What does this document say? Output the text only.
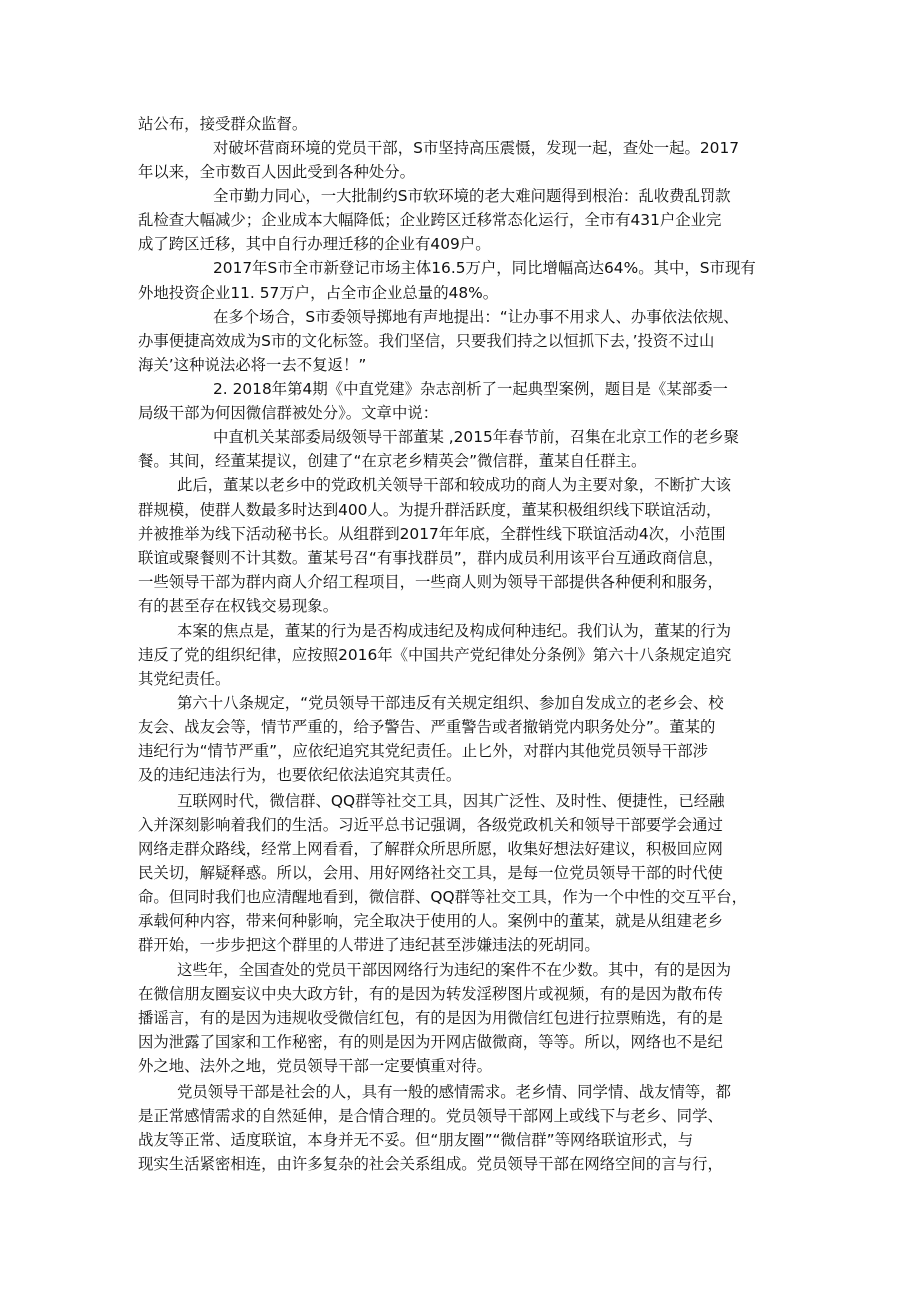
站公布，接受群众监督。
对破坏营商环境的党员干部，S市坚持高压震慑，发现一起，查处一起。2017
年以来，全市数百人因此受到各种处分。
全市勤力同心，一大批制约S市软环境的老大难问题得到根治：乱收费乱罚款
乱检查大幅减少；企业成本大幅降低；企业跨区迁移常态化运行，全市有431户企业完
成了跨区迁移，其中自行办理迁移的企业有409户。
2017年S市全市新登记市场主体16.5万户，同比增幅高达64%。其中，S市现有
外地投资企业11. 57万户，占全市企业总量的48%。
在多个场合，S市委领导掷地有声地提出：“让办事不用求人、办事依法依规、
办事便捷高效成为S市的文化标签。我们坚信，只要我们持之以恒抓下去，’投资不过山
海关’这种说法必将一去不复返！”
2. 2018年第4期《中直党建》杂志剖析了一起典型案例，题目是《某部委一
局级干部为何因微信群被处分》。文章中说：
中直机关某部委局级领导干部董某 ,2015年春节前，召集在北京工作的老乡聚
餐。其间，经董某提议，创建了“在京老乡精英会”微信群，董某自任群主。
此后，董某以老乡中的党政机关领导干部和较成功的商人为主要对象，不断扩大该
群规模，使群人数最多时达到400人。为提升群活跃度，董某积极组织线下联谊活动，
并被推举为线下活动秘书长。从组群到2017年年底，全群性线下联谊活动4次，小范围
联谊或聚餐则不计其数。董某号召“有事找群员”，群内成员利用该平台互通政商信息，
一些领导干部为群内商人介绍工程项目，一些商人则为领导干部提供各种便利和服务，
有的甚至存在权钱交易现象。
本案的焦点是，董某的行为是否构成违纪及构成何种违纪。我们认为，董某的行为
违反了党的组织纪律，应按照2016年《中国共产党纪律处分条例》第六十八条规定追究
其党纪责任。
第六十八条规定，“党员领导干部违反有关规定组织、参加自发成立的老乡会、校
友会、战友会等，情节严重的，给予警告、严重警告或者撤销党内职务处分”。董某的
违纪行为“情节严重”，应依纪追究其党纪责任。止匕外，对群内其他党员领导干部涉
及的违纪违法行为，也要依纪依法追究其责任。
互联网时代，微信群、QQ群等社交工具，因其广泛性、及时性、便捷性，已经融
入并深刻影响着我们的生活。习近平总书记强调，各级党政机关和领导干部要学会通过
网络走群众路线，经常上网看看，了解群众所思所愿，收集好想法好建议，积极回应网
民关切，解疑释惑。所以，会用、用好网络社交工具，是每一位党员领导干部的时代使
命。但同时我们也应清醒地看到，微信群、QQ群等社交工具，作为一个中性的交互平台，
承载何种内容，带来何种影响，完全取决于使用的人。案例中的董某，就是从组建老乡
群开始，一步步把这个群里的人带进了违纪甚至涉嫌违法的死胡同。
这些年，全国查处的党员干部因网络行为违纪的案件不在少数。其中，有的是因为
在微信朋友圈妄议中央大政方针，有的是因为转发淫秽图片或视频，有的是因为散布传
播谣言，有的是因为违规收受微信红包，有的是因为用微信红包进行拉票贿选，有的是
因为泄露了国家和工作秘密，有的则是因为开网店做微商，等等。所以，网络也不是纪
外之地、法外之地，党员领导干部一定要慎重对待。
党员领导干部是社会的人，具有一般的感情需求。老乡情、同学情、战友情等，都
是正常感情需求的自然延伸，是合情合理的。党员领导干部网上或线下与老乡、同学、
战友等正常、适度联谊，本身并无不妥。但“朋友圈”“微信群”等网络联谊形式，与
现实生活紧密相连，由许多复杂的社会关系组成。党员领导干部在网络空间的言与行，
